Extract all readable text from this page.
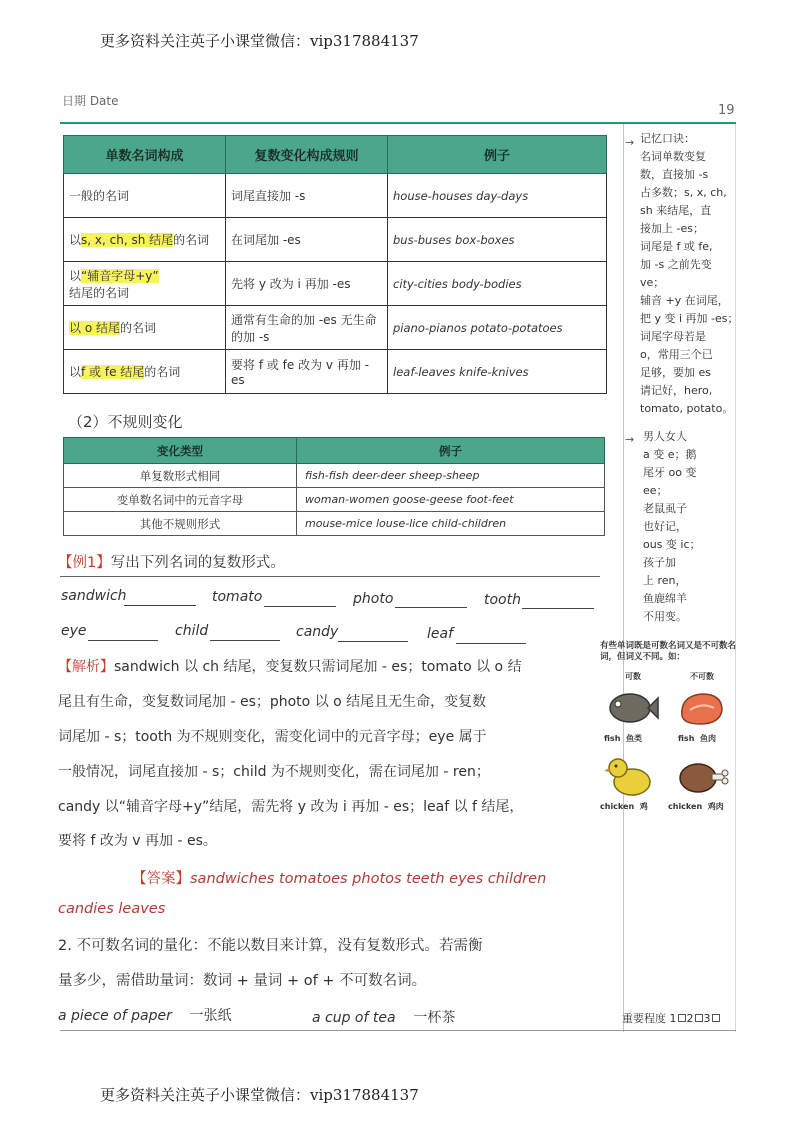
更多资料关注英子小课堂微信：vip317884137
日期 Date
19
单数名词构成	复数变化构成规则	例子
一般的名词	词尾直接加 -s	house-houses day-days
以s, x, ch, sh 结尾的名词	在词尾加 -es	bus-buses box-boxes
以“辅音字母+y”
结尾的名词	先将 y 改为 i 再加 -es	city-cities body-bodies
以 o 结尾的名词	通常有生命的加 -es 无生命的加 -s	piano-pianos potato-potatoes
以f 或 fe 结尾的名词	要将 f 或 fe 改为 v 再加 -es	leaf-leaves knife-knives
（2）不规则变化
变化类型	例子
单复数形式相同	fish-fish deer-deer sheep-sheep
变单数名词中的元音字母	woman-women goose-geese foot-feet
其他不规则形式	mouse-mice louse-lice child-children
【例1】写出下列名词的复数形式。
sandwich	tomato	photo	tooth
eye	child	candy	leaf
【解析】sandwich 以 ch 结尾，变复数只需词尾加 - es；tomato 以 o 结
尾且有生命，变复数词尾加 - es；photo 以 o 结尾且无生命，变复数
词尾加 - s；tooth 为不规则变化，需变化词中的元音字母；eye 属于
一般情况，词尾直接加 - s；child 为不规则变化，需在词尾加 - ren；
candy 以“辅音字母+y”结尾，需先将 y 改为 i 再加 - es；leaf 以 f 结尾，
要将 f 改为 v 再加 - es。
【答案】sandwiches tomatoes photos teeth eyes children
candies leaves
2. 不可数名词的量化：不能以数目来计算，没有复数形式。若需衡
量多少，需借助量词：数词 + 量词 + of + 不可数名词。
a piece of paper 一张纸	a cup of tea 一杯茶
→ 记忆口诀：
名词单数变复
数，直接加 -s
占多数；s, x, ch,
sh 来结尾，直
接加上 -es；
词尾是 f 或 fe,
加 -s 之前先变
ve；
辅音 +y 在词尾，
把 y 变 i 再加 -es；
词尾字母若是
o，常用三个已
足够，要加 es
请记好，hero,
tomato, potato。
→ 男人女人
a 变 e；鹅
尾牙 oo 变
ee；
老鼠虱子
也好记，
ous 变 ic；
孩子加
上 ren，
鱼鹿绵羊
不用变。
有些单词既是可数名词又是不可数名词，但词义不同。如：
可数	不可数
fish 鱼类	fish 鱼肉
chicken 鸡	chicken 鸡肉
重要程度 1 2 3
更多资料关注英子小课堂微信：vip317884137
